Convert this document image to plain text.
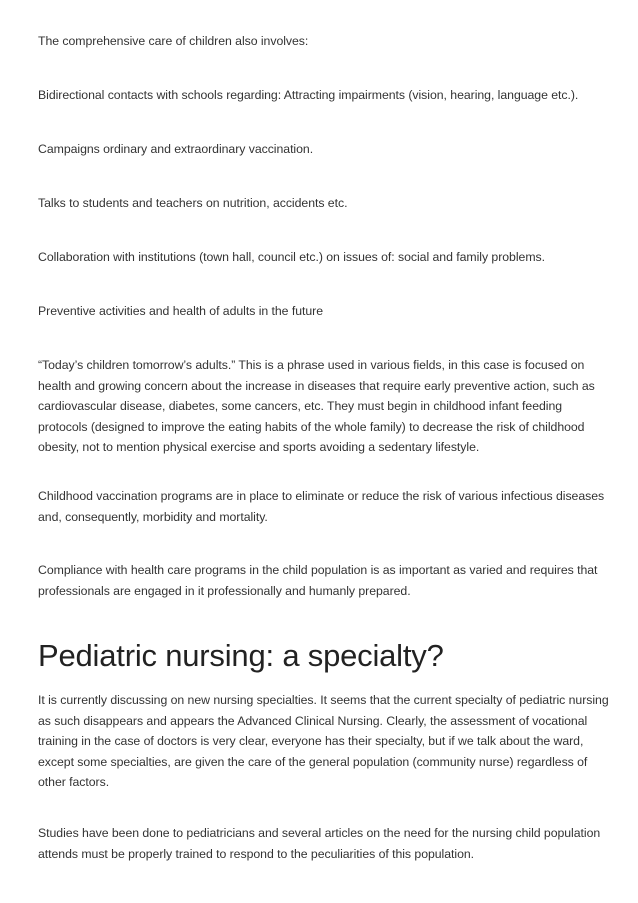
The comprehensive care of children also involves:

Bidirectional contacts with schools regarding: Attracting impairments (vision, hearing, language etc.).

Campaigns ordinary and extraordinary vaccination.

Talks to students and teachers on nutrition, accidents etc.

Collaboration with institutions (town hall, council etc.) on issues of: social and family problems.

Preventive activities and health of adults in the future

“Today’s children tomorrow’s adults.” This is a phrase used in various fields, in this case is focused on health and growing concern about the increase in diseases that require early preventive action, such as cardiovascular disease, diabetes, some cancers, etc. They must begin in childhood infant feeding protocols (designed to improve the eating habits of the whole family) to decrease the risk of childhood obesity, not to mention physical exercise and sports avoiding a sedentary lifestyle.

Childhood vaccination programs are in place to eliminate or reduce the risk of various infectious diseases and, consequently, morbidity and mortality.

Compliance with health care programs in the child population is as important as varied and requires that professionals are engaged in it professionally and humanly prepared.

Pediatric nursing: a specialty?

It is currently discussing on new nursing specialties. It seems that the current specialty of pediatric nursing as such disappears and appears the Advanced Clinical Nursing. Clearly, the assessment of vocational training in the case of doctors is very clear, everyone has their specialty, but if we talk about the ward, except some specialties, are given the care of the general population (community nurse) regardless of other factors.

Studies have been done to pediatricians and several articles on the need for the nursing child population attends must be properly trained to respond to the peculiarities of this population.
